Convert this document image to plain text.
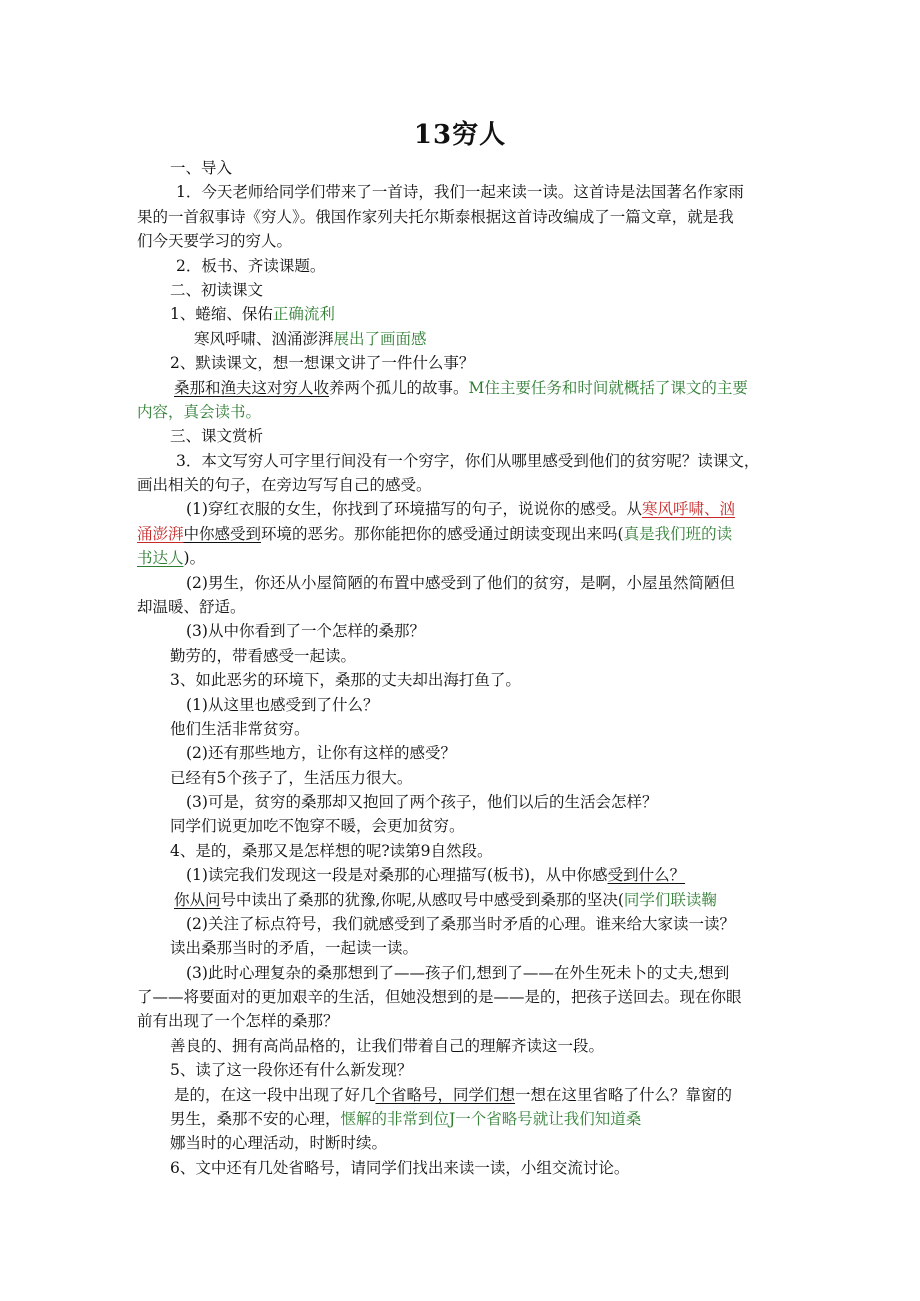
13穷人
一、导入
1．今天老师给同学们带来了一首诗，我们一起来读一读。这首诗是法国著名作家雨
果的一首叙事诗《穷人》。俄国作家列夫托尔斯泰根据这首诗改编成了一篇文章，就是我
们今天要学习的穷人。
2．板书、齐读课题。
二、初读课文
1、蜷缩、保佑正确流利
寒风呼啸、汹涌澎湃展出了画面感
2、默读课文，想一想课文讲了一件什么事？
桑那和渔夫这对穷人收养两个孤儿的故事。M住主要任务和时间就概括了课文的主要
内容，真会读书。
三、课文赏析
3．本文写穷人可字里行间没有一个穷字，你们从哪里感受到他们的贫穷呢？读课文，
画出相关的句子，在旁边写写自己的感受。
(1)穿红衣服的女生，你找到了环境描写的句子，说说你的感受。从寒风呼啸、汹
涌澎湃中你感受到环境的恶劣。那你能把你的感受通过朗读变现出来吗(真是我们班的读
书达人)。
(2)男生，你还从小屋简陋的布置中感受到了他们的贫穷，是啊，小屋虽然简陋但
却温暖、舒适。
(3)从中你看到了一个怎样的桑那？
勤劳的，带看感受一起读。
3、如此恶劣的环境下，桑那的丈夫却出海打鱼了。
(1)从这里也感受到了什么？
他们生活非常贫穷。
(2)还有那些地方，让你有这样的感受？
已经有5个孩子了，生活压力很大。
(3)可是，贫穷的桑那却又抱回了两个孩子，他们以后的生活会怎样？
同学们说更加吃不饱穿不暖，会更加贫穷。
4、是的，桑那又是怎样想的呢?读第9自然段。
(1)读完我们发现这一段是对桑那的心理描写(板书)，从中你感受到什么？
你从问号中读出了桑那的犹豫,你呢,从感叹号中感受到桑那的坚决(同学们联读鞠
(2)关注了标点符号，我们就感受到了桑那当时矛盾的心理。谁来给大家读一读？
读出桑那当时的矛盾，一起读一读。
(3)此时心理复杂的桑那想到了——孩子们,想到了——在外生死未卜的丈夫,想到
了——将要面对的更加艰辛的生活，但她没想到的是——是的，把孩子送回去。现在你眼
前有出现了一个怎样的桑那？
善良的、拥有高尚品格的，让我们带着自己的理解齐读这一段。
5、读了这一段你还有什么新发现？
是的，在这一段中出现了好几个省略号，同学们想一想在这里省略了什么？靠窗的
男生，桑那不安的心理，惬解的非常到位J一个省略号就让我们知道桑
娜当时的心理活动，时断时续。
6、文中还有几处省略号，请同学们找出来读一读，小组交流讨论。
